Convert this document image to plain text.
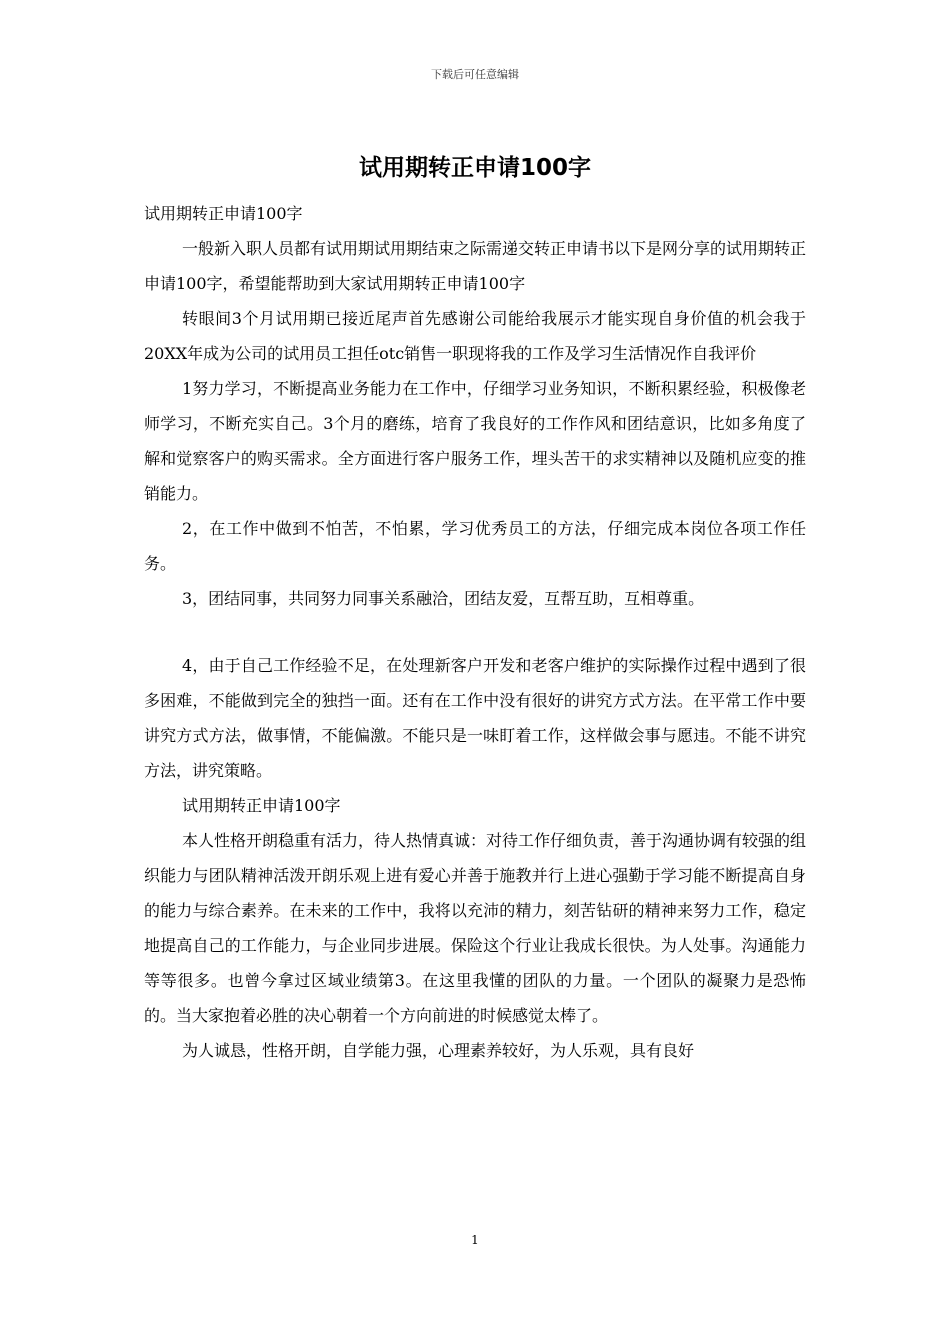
下载后可任意编辑
试用期转正申请100字

试用期转正申请100字

一般新入职人员都有试用期试用期结束之际需递交转正申请书以下是网分享的试用期转正申请100字，希望能帮助到大家试用期转正申请100字

转眼间3个月试用期已接近尾声首先感谢公司能给我展示才能实现自身价值的机会我于20XX年成为公司的试用员工担任otc销售一职现将我的工作及学习生活情况作自我评价

1努力学习，不断提高业务能力在工作中，仔细学习业务知识，不断积累经验，积极像老师学习，不断充实自己。3个月的磨练，培育了我良好的工作作风和团结意识，比如多角度了解和觉察客户的购买需求。全方面进行客户服务工作，埋头苦干的求实精神以及随机应变的推销能力。

2，在工作中做到不怕苦，不怕累，学习优秀员工的方法，仔细完成本岗位各项工作任务。

3，团结同事，共同努力同事关系融洽，团结友爱，互帮互助，互相尊重。

4，由于自己工作经验不足，在处理新客户开发和老客户维护的实际操作过程中遇到了很多困难，不能做到完全的独挡一面。还有在工作中没有很好的讲究方式方法。在平常工作中要讲究方式方法，做事情，不能偏激。不能只是一味盯着工作，这样做会事与愿违。不能不讲究方法，讲究策略。

试用期转正申请100字

本人性格开朗稳重有活力，待人热情真诚：对待工作仔细负责，善于沟通协调有较强的组织能力与团队精神活泼开朗乐观上进有爱心并善于施教并行上进心强勤于学习能不断提高自身的能力与综合素养。在未来的工作中，我将以充沛的精力，刻苦钻研的精神来努力工作，稳定地提高自己的工作能力，与企业同步进展。保险这个行业让我成长很快。为人处事。沟通能力等等很多。也曾今拿过区域业绩第3。在这里我懂的团队的力量。一个团队的凝聚力是恐怖的。当大家抱着必胜的决心朝着一个方向前进的时候感觉太棒了。

为人诚恳，性格开朗，自学能力强，心理素养较好，为人乐观，具有良好

1
